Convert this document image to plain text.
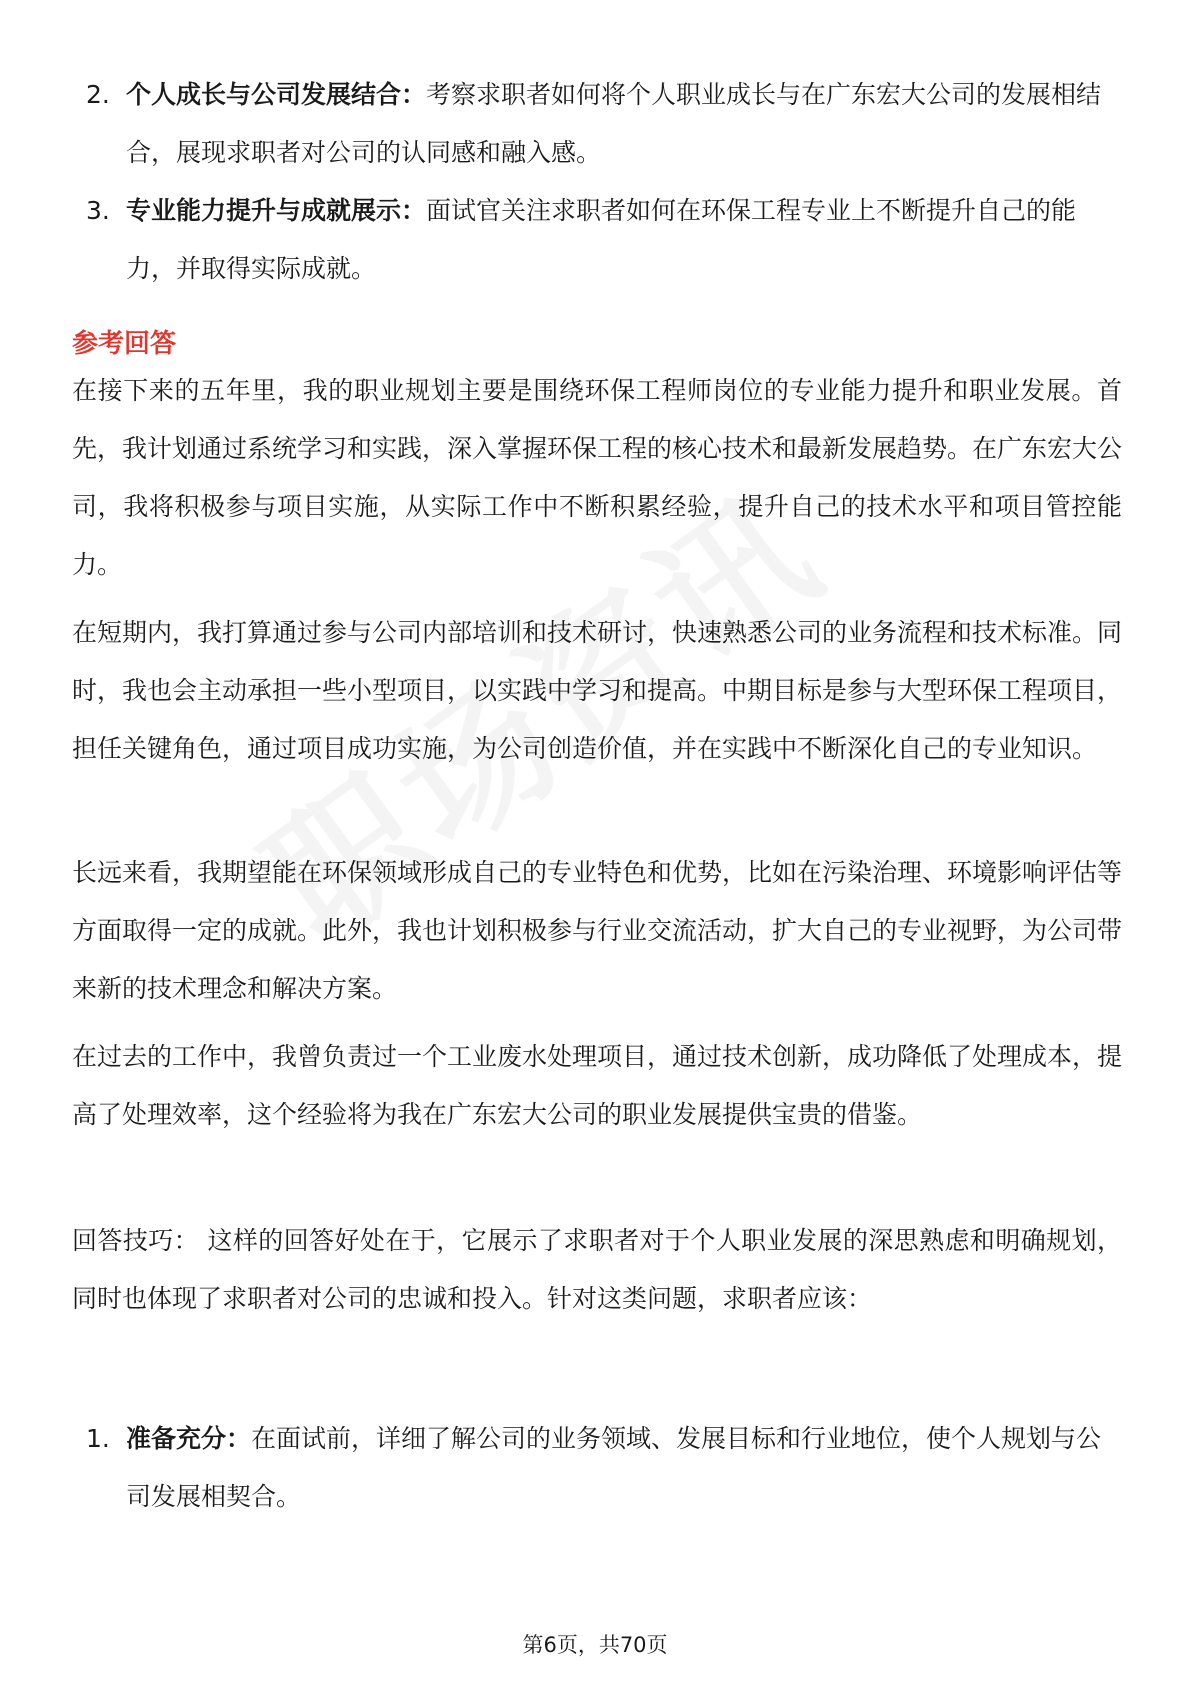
2. 个人成长与公司发展结合：考察求职者如何将个人职业成长与在广东宏大公司的发展相结合，展现求职者对公司的认同感和融入感。
3. 专业能力提升与成就展示：面试官关注求职者如何在环保工程专业上不断提升自己的能力，并取得实际成就。
参考回答
在接下来的五年里，我的职业规划主要是围绕环保工程师岗位的专业能力提升和职业发展。首先，我计划通过系统学习和实践，深入掌握环保工程的核心技术和最新发展趋势。在广东宏大公司，我将积极参与项目实施，从实际工作中不断积累经验，提升自己的技术水平和项目管控能力。
在短期内，我打算通过参与公司内部培训和技术研讨，快速熟悉公司的业务流程和技术标准。同时，我也会主动承担一些小型项目，以实践中学习和提高。中期目标是参与大型环保工程项目，担任关键角色，通过项目成功实施，为公司创造价值，并在实践中不断深化自己的专业知识。
长远来看，我期望能在环保领域形成自己的专业特色和优势，比如在污染治理、环境影响评估等方面取得一定的成就。此外，我也计划积极参与行业交流活动，扩大自己的专业视野，为公司带来新的技术理念和解决方案。
在过去的工作中，我曾负责过一个工业废水处理项目，通过技术创新，成功降低了处理成本，提高了处理效率，这个经验将为我在广东宏大公司的职业发展提供宝贵的借鉴。
回答技巧： 这样的回答好处在于，它展示了求职者对于个人职业发展的深思熟虑和明确规划，同时也体现了求职者对公司的忠诚和投入。针对这类问题，求职者应该：
1. 准备充分：在面试前，详细了解公司的业务领域、发展目标和行业地位，使个人规划与公司发展相契合。
第6页，共70页
